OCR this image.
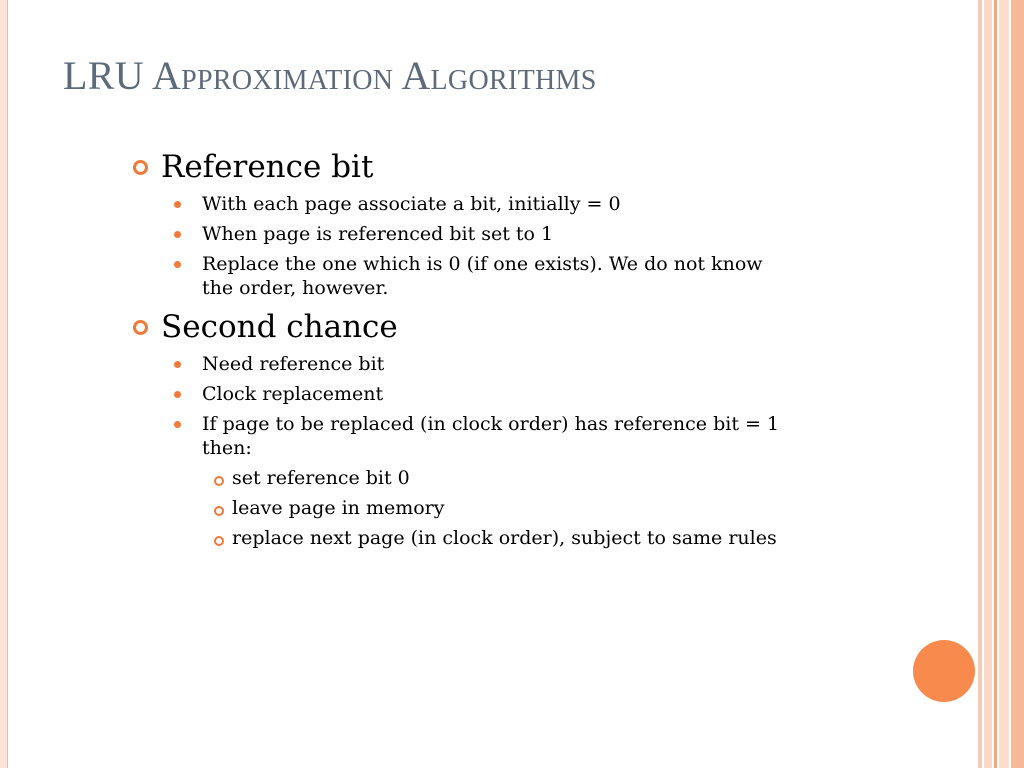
LRU Approximation Algorithms
Reference bit
With each page associate a bit, initially = 0
When page is referenced bit set to 1
Replace the one which is 0 (if one exists). We do not know
the order, however.
Second chance
Need reference bit
Clock replacement
If page to be replaced (in clock order) has reference bit = 1
then:
set reference bit 0
leave page in memory
replace next page (in clock order), subject to same rules
